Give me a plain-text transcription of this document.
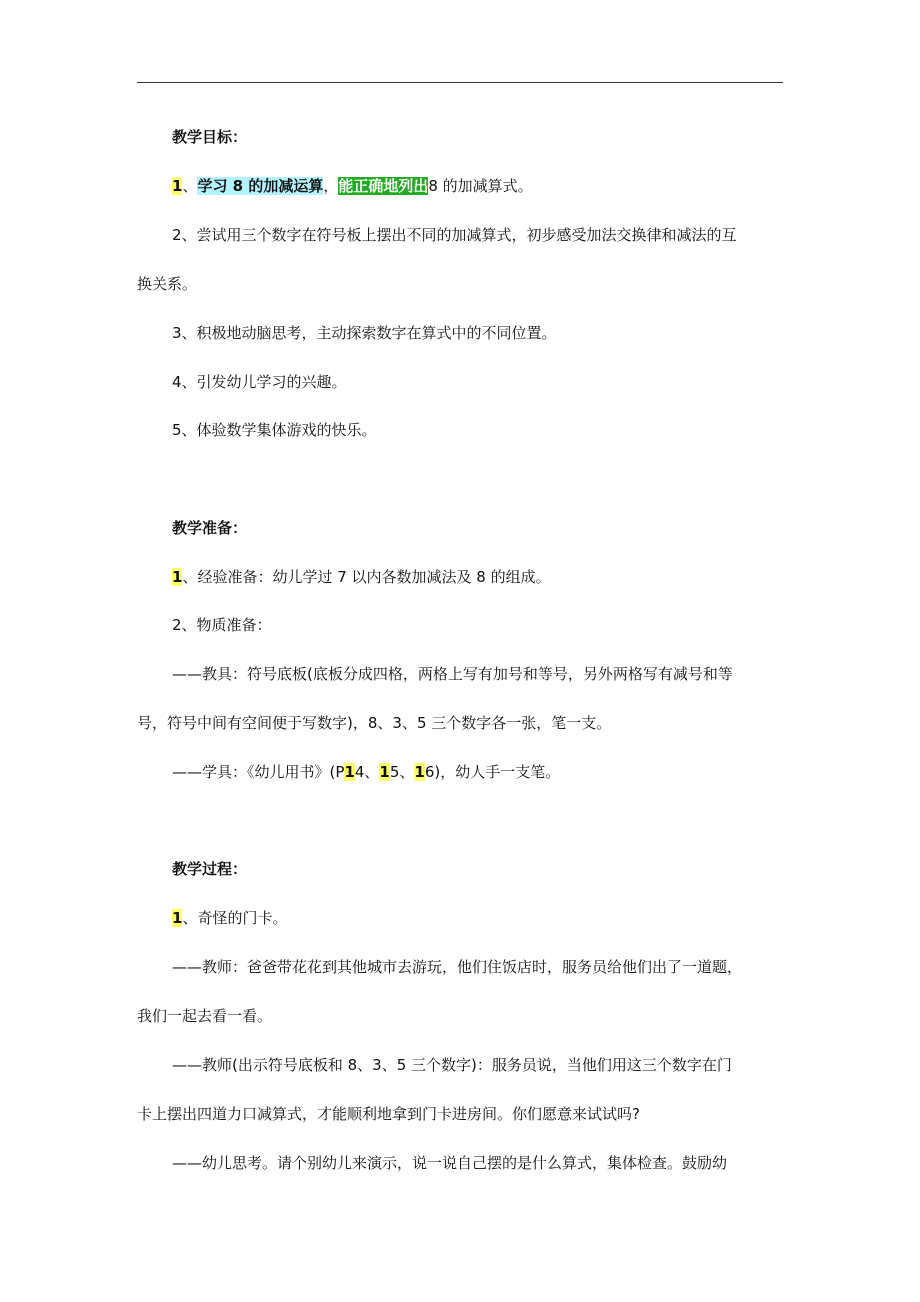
教学目标：
1、学习 8 的加减运算，能正确地列出8 的加减算式。
2、尝试用三个数字在符号板上摆出不同的加减算式，初步感受加法交换律和减法的互
换关系。
3、积极地动脑思考，主动探索数字在算式中的不同位置。
4、引发幼儿学习的兴趣。
5、体验数学集体游戏的快乐。
教学准备：
1、经验准备：幼儿学过 7 以内各数加减法及 8 的组成。
2、物质准备：
——教具：符号底板(底板分成四格，两格上写有加号和等号，另外两格写有减号和等
号，符号中间有空间便于写数字)，8、3、5 三个数字各一张，笔一支。
——学具：《幼儿用书》(P14、15、16)，幼人手一支笔。
教学过程：
1、奇怪的门卡。
——教师：爸爸带花花到其他城市去游玩，他们住饭店时，服务员给他们出了一道题，
我们一起去看一看。
——教师(出示符号底板和 8、3、5 三个数字)：服务员说，当他们用这三个数字在门
卡上摆出四道力口减算式，才能顺利地拿到门卡进房间。你们愿意来试试吗?
——幼儿思考。请个别幼儿来演示，说一说自己摆的是什么算式，集体检查。鼓励幼
